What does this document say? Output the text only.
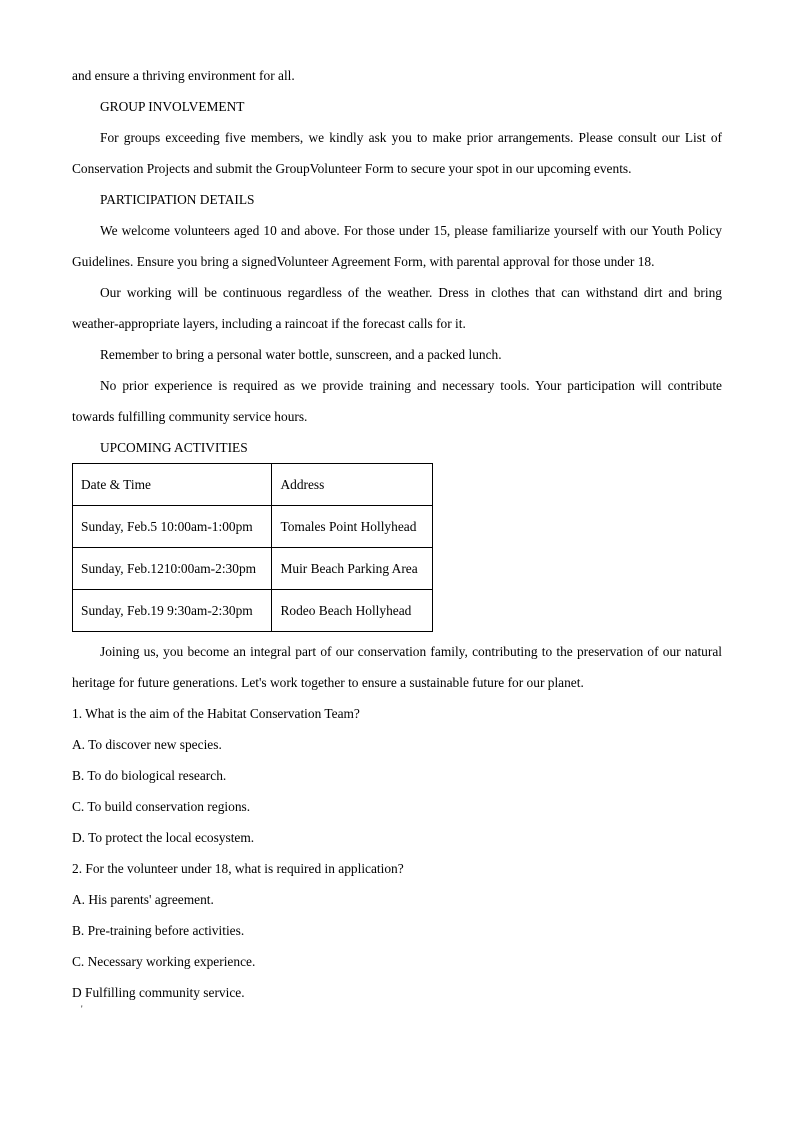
and ensure a thriving environment for all.

GROUP INVOLVEMENT

For groups exceeding five members, we kindly ask you to make prior arrangements. Please consult our List of Conservation Projects and submit the GroupVolunteer Form to secure your spot in our upcoming events.

PARTICIPATION DETAILS

We welcome volunteers aged 10 and above. For those under 15, please familiarize yourself with our Youth Policy Guidelines. Ensure you bring a signedVolunteer Agreement Form, with parental approval for those under 18.

Our working will be continuous regardless of the weather. Dress in clothes that can withstand dirt and bring weather-appropriate layers, including a raincoat if the forecast calls for it.

Remember to bring a personal water bottle, sunscreen, and a packed lunch.

No prior experience is required as we provide training and necessary tools. Your participation will contribute towards fulfilling community service hours.

UPCOMING ACTIVITIES

Date & Time	Address
Sunday, Feb.5 10:00am-1:00pm	Tomales Point Hollyhead
Sunday, Feb.1210:00am-2:30pm	Muir Beach Parking Area
Sunday, Feb.19 9:30am-2:30pm	Rodeo Beach Hollyhead

Joining us, you become an integral part of our conservation family, contributing to the preservation of our natural heritage for future generations. Let's work together to ensure a sustainable future for our planet.

1. What is the aim of the Habitat Conservation Team?

A. To discover new species.

B. To do biological research.

C. To build conservation regions.

D. To protect the local ecosystem.

2. For the volunteer under 18, what is required in application?

A. His parents' agreement.

B. Pre-training before activities.

C. Necessary working experience.

D Fulfilling community service.

'
